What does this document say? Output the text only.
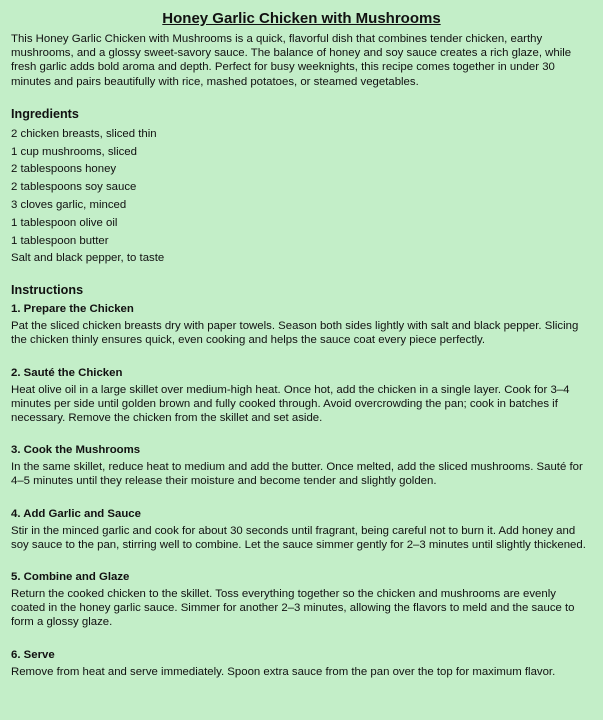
Honey Garlic Chicken with Mushrooms

This Honey Garlic Chicken with Mushrooms is a quick, flavorful dish that combines tender chicken, earthy mushrooms, and a glossy sweet-savory sauce. The balance of honey and soy sauce creates a rich glaze, while fresh garlic adds bold aroma and depth. Perfect for busy weeknights, this recipe comes together in under 30 minutes and pairs beautifully with rice, mashed potatoes, or steamed vegetables.

Ingredients
2 chicken breasts, sliced thin
1 cup mushrooms, sliced
2 tablespoons honey
2 tablespoons soy sauce
3 cloves garlic, minced
1 tablespoon olive oil
1 tablespoon butter
Salt and black pepper, to taste
Instructions
1. Prepare the Chicken

Pat the sliced chicken breasts dry with paper towels. Season both sides lightly with salt and black pepper. Slicing the chicken thinly ensures quick, even cooking and helps the sauce coat every piece perfectly.

2. Sauté the Chicken

Heat olive oil in a large skillet over medium-high heat. Once hot, add the chicken in a single layer. Cook for 3–4 minutes per side until golden brown and fully cooked through. Avoid overcrowding the pan; cook in batches if necessary. Remove the chicken from the skillet and set aside.

3. Cook the Mushrooms

In the same skillet, reduce heat to medium and add the butter. Once melted, add the sliced mushrooms. Sauté for 4–5 minutes until they release their moisture and become tender and slightly golden.

4. Add Garlic and Sauce

Stir in the minced garlic and cook for about 30 seconds until fragrant, being careful not to burn it. Add honey and soy sauce to the pan, stirring well to combine. Let the sauce simmer gently for 2–3 minutes until slightly thickened.

5. Combine and Glaze

Return the cooked chicken to the skillet. Toss everything together so the chicken and mushrooms are evenly coated in the honey garlic sauce. Simmer for another 2–3 minutes, allowing the flavors to meld and the sauce to form a glossy glaze.

6. Serve

Remove from heat and serve immediately. Spoon extra sauce from the pan over the top for maximum flavor.
